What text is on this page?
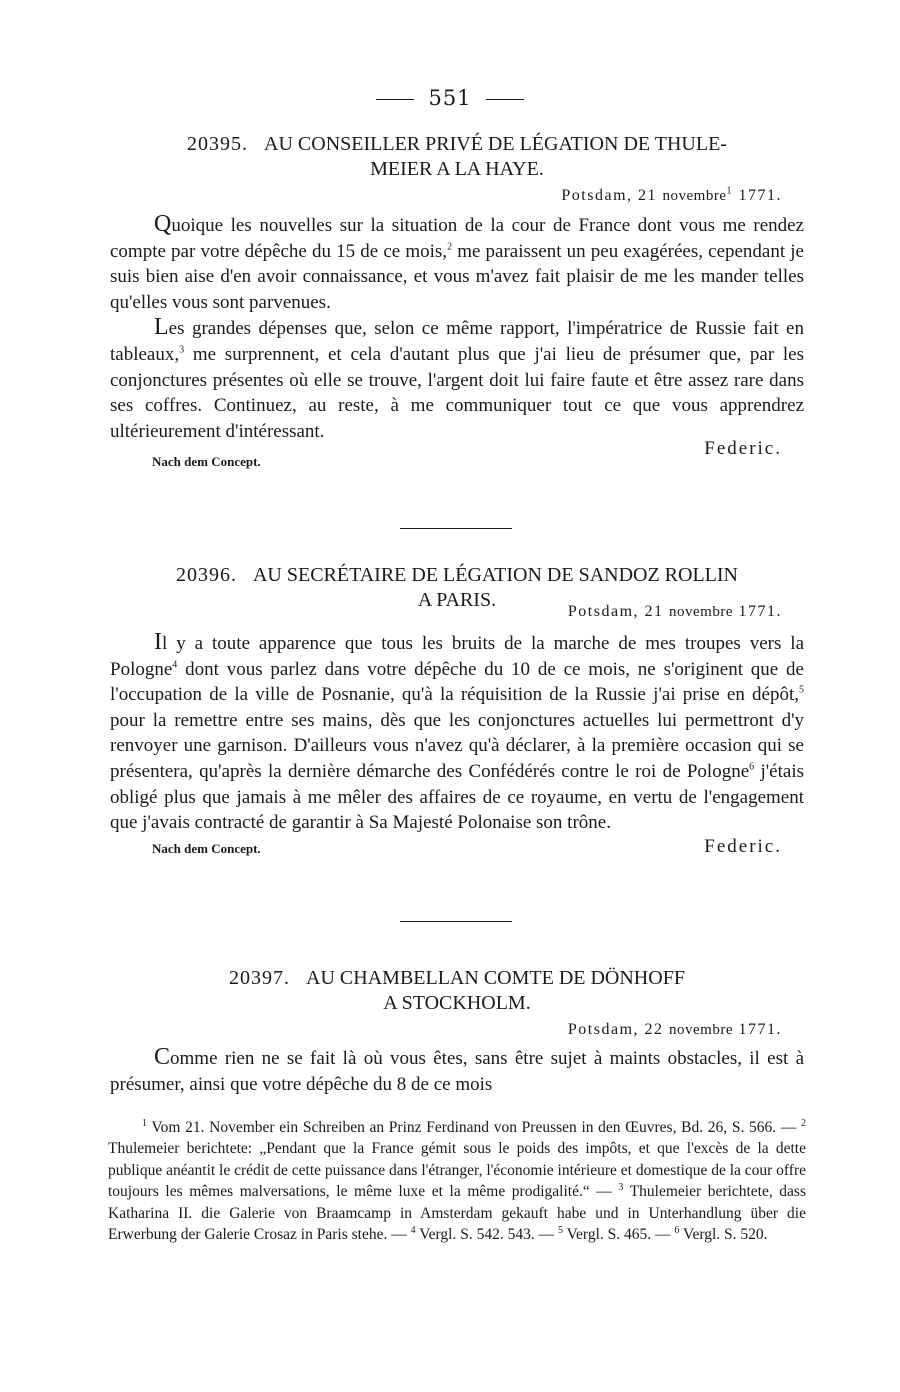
551
20395. AU CONSEILLER PRIVÉ DE LÉGATION DE THULE-
MEIER A LA HAYE.
Potsdam, 21 novembre$^1$ 1771.

Quoique les nouvelles sur la situation de la cour de France dont vous me rendez compte par votre dépêche du 15 de ce mois,$^2$ me paraissent un peu exagérées, cependant je suis bien aise d'en avoir connaissance, et vous m'avez fait plaisir de me les mander telles qu'elles vous sont parvenues.

Les grandes dépenses que, selon ce même rapport, l'impératrice de Russie fait en tableaux,$^3$ me surprennent, et cela d'autant plus que j'ai lieu de présumer que, par les conjonctures présentes où elle se trouve, l'argent doit lui faire faute et être assez rare dans ses coffres. Continuez, au reste, à me communiquer tout ce que vous apprendrez ultérieurement d'intéressant.

Nach dem Concept.
Federic.
20396. AU SECRÉTAIRE DE LÉGATION DE SANDOZ ROLLIN
A PARIS.
Potsdam, 21 novembre 1771.

Il y a toute apparence que tous les bruits de la marche de mes troupes vers la Pologne$^4$ dont vous parlez dans votre dépêche du 10 de ce mois, ne s'originent que de l'occupation de la ville de Posnanie, qu'à la réquisition de la Russie j'ai prise en dépôt,$^5$ pour la remettre entre ses mains, dès que les conjonctures actuelles lui permettront d'y renvoyer une garnison. D'ailleurs vous n'avez qu'à déclarer, à la première occasion qui se présentera, qu'après la dernière démarche des Confédérés contre le roi de Pologne$^6$ j'étais obligé plus que jamais à me mêler des affaires de ce royaume, en vertu de l'engagement que j'avais contracté de garantir à Sa Majesté Polonaise son trône.

Nach dem Concept.	Federic.
20397. AU CHAMBELLAN COMTE DE DÖNHOFF
A STOCKHOLM.
Potsdam, 22 novembre 1771.

Comme rien ne se fait là où vous êtes, sans être sujet à maints obstacles, il est à présumer, ainsi que votre dépêche du 8 de ce mois

$^1$ Vom 21. November ein Schreiben an Prinz Ferdinand von Preussen in den Œuvres, Bd. 26, S. 566. — $^2$ Thulemeier berichtete: „Pendant que la France gémit sous le poids des impôts, et que l'excès de la dette publique anéantit le crédit de cette puissance dans l'étranger, l'économie intérieure et domestique de la cour offre toujours les mêmes malversations, le même luxe et la même prodigalité.“ — $^3$ Thulemeier berichtete, dass Katharina II. die Galerie von Braamcamp in Amsterdam gekauft habe und in Unterhandlung über die Erwerbung der Galerie Crosaz in Paris stehe. — $^4$ Vergl. S. 542. 543. — $^5$ Vergl. S. 465. — $^6$ Vergl. S. 520.
